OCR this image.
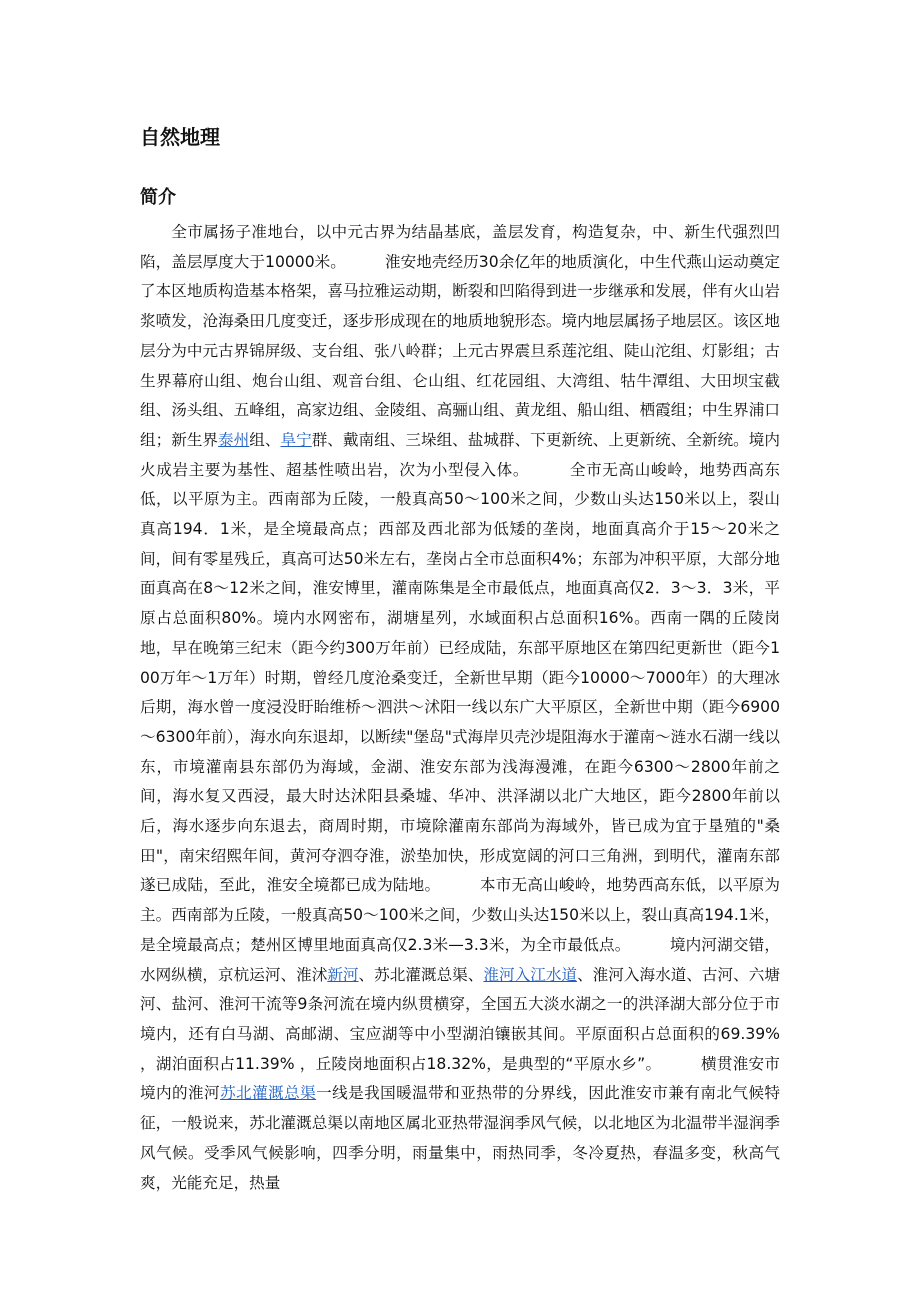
自然地理
简介

全市属扬子准地台，以中元古界为结晶基底，盖层发育，构造复杂，中、新生代强烈凹陷，盖层厚度大于10000米。　　　淮安地壳经历30余亿年的地质演化，中生代燕山运动奠定了本区地质构造基本格架，喜马拉雅运动期，断裂和凹陷得到进一步继承和发展，伴有火山岩浆喷发，沧海桑田几度变迁，逐步形成现在的地质地貌形态。境内地层属扬子地层区。该区地层分为中元古界锦屏级、支台组、张八岭群；上元古界震旦系莲沱组、陡山沱组、灯影组；古生界幕府山组、炮台山组、观音台组、仑山组、红花园组、大湾组、牯牛潭组、大田坝宝截组、汤头组、五峰组，高家边组、金陵组、高骊山组、黄龙组、船山组、栖霞组；中生界浦口组；新生界泰州组、阜宁群、戴南组、三垛组、盐城群、下更新统、上更新统、全新统。境内火成岩主要为基性、超基性喷出岩，次为小型侵入体。　　　全市无高山峻岭，地势西高东低，以平原为主。西南部为丘陵，一般真高50～100米之间，少数山头达150米以上，裂山真高194．1米，是全境最高点；西部及西北部为低矮的垄岗，地面真高介于15～20米之间，间有零星残丘，真高可达50米左右，垄岗占全市总面积4%；东部为冲积平原，大部分地面真高在8～12米之间，淮安博里，灌南陈集是全市最低点，地面真高仅2．3～3．3米，平原占总面积80%。境内水网密布，湖塘星列，水域面积占总面积16%。西南一隅的丘陵岗地，早在晚第三纪末（距今约300万年前）已经成陆，东部平原地区在第四纪更新世（距今100万年～1万年）时期，曾经几度沧桑变迁，全新世早期（距今10000～7000年）的大理冰后期，海水曾一度浸没盱眙维桥～泗洪～沭阳一线以东广大平原区，全新世中期（距今6900～6300年前），海水向东退却，以断续"堡岛"式海岸贝壳沙堤阻海水于灌南～涟水石湖一线以东，市境灌南县东部仍为海域，金湖、淮安东部为浅海漫滩，在距今6300～2800年前之间，海水复又西浸，最大时达沭阳县桑墟、华冲、洪泽湖以北广大地区，距今2800年前以后，海水逐步向东退去，商周时期，市境除灌南东部尚为海域外，皆已成为宜于垦殖的"桑田"，南宋绍熙年间，黄河夺泗夺淮，淤垫加快，形成宽阔的河口三角洲，到明代，灌南东部遂已成陆，至此，淮安全境都已成为陆地。　　　本市无高山峻岭，地势西高东低，以平原为主。西南部为丘陵，一般真高50～100米之间，少数山头达150米以上，裂山真高194.1米，是全境最高点；楚州区博里地面真高仅2.3米—3.3米，为全市最低点。　　　境内河湖交错，水网纵横，京杭运河、淮沭新河、苏北灌溉总渠、淮河入江水道、淮河入海水道、古河、六塘河、盐河、淮河干流等9条河流在境内纵贯横穿，全国五大淡水湖之一的洪泽湖大部分位于市境内，还有白马湖、高邮湖、宝应湖等中小型湖泊镶嵌其间。平原面积占总面积的69.39% ，湖泊面积占11.39% ，丘陵岗地面积占18.32%，是典型的“平原水乡”。　　　横贯淮安市境内的淮河苏北灌溉总渠一线是我国暖温带和亚热带的分界线，因此淮安市兼有南北气候特征，一般说来，苏北灌溉总渠以南地区属北亚热带湿润季风气候，以北地区为北温带半湿润季风气候。受季风气候影响，四季分明，雨量集中，雨热同季，冬冷夏热，春温多变，秋高气爽，光能充足，热量
